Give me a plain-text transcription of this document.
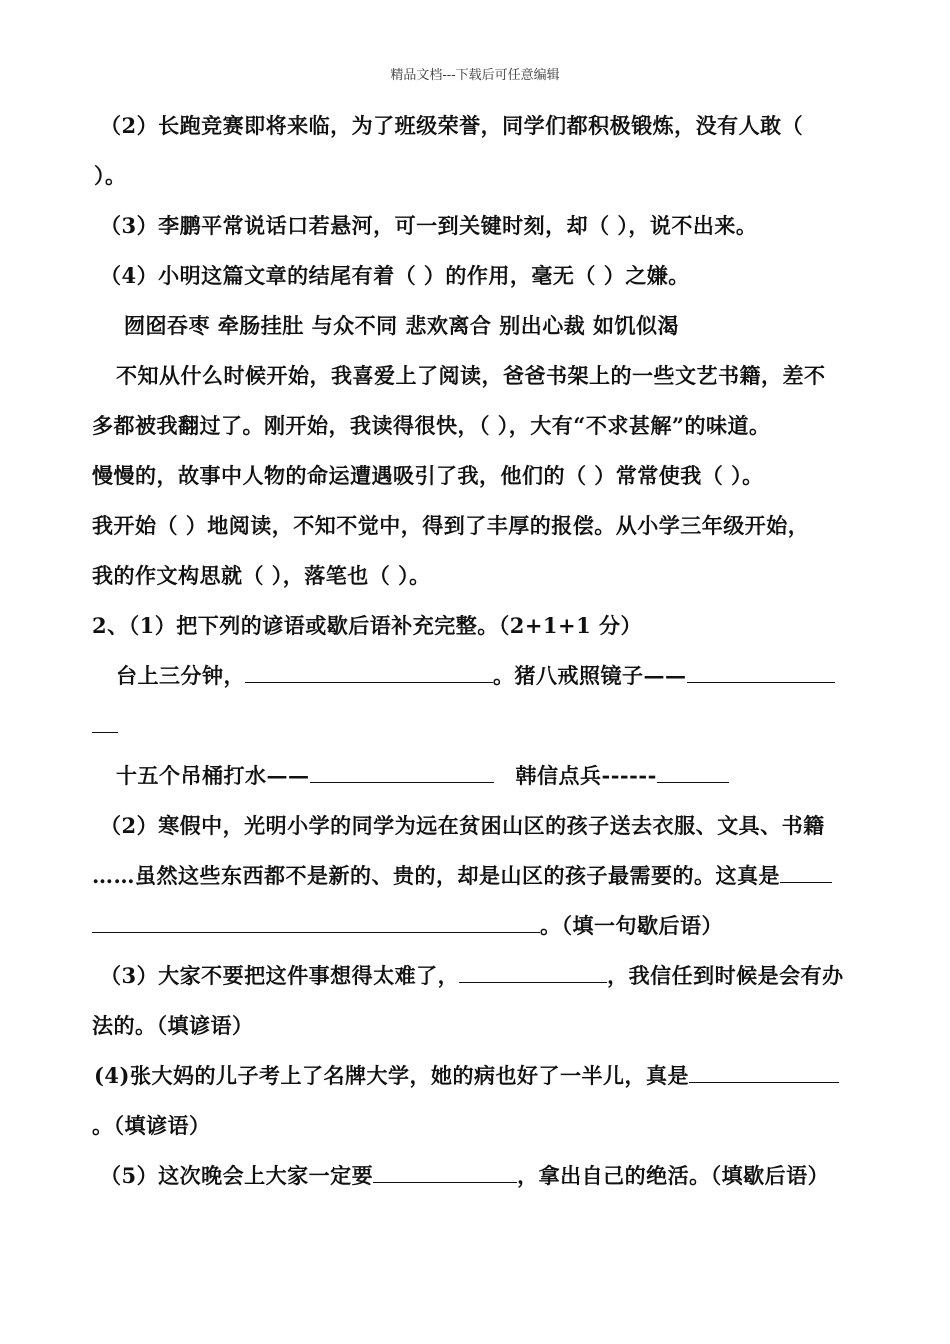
精品文档---下载后可任意编辑
（2）长跑竞赛即将来临，为了班级荣誉，同学们都积极锻炼，没有人敢（
）。
（3）李鹏平常说话口若悬河，可一到关键时刻，却（ ），说不出来。
（4）小明这篇文章的结尾有着（ ）的作用，毫无（ ）之嫌。
囫囵吞枣 牵肠挂肚 与众不同 悲欢离合 别出心裁 如饥似渴
不知从什么时候开始，我喜爱上了阅读，爸爸书架上的一些文艺书籍，差不
多都被我翻过了。刚开始，我读得很快，（ ），大有“不求甚解”的味道。
慢慢的，故事中人物的命运遭遇吸引了我，他们的（ ）常常使我（ ）。
我开始（ ）地阅读，不知不觉中，得到了丰厚的报偿。从小学三年级开始，
我的作文构思就（ ），落笔也（ ）。
2、（1）把下列的谚语或歇后语补充完整。（2+1+1 分）
台上三分钟，	。猪八戒照镜子——
十五个吊桶打水——	韩信点兵------
（2）寒假中，光明小学的同学为远在贫困山区的孩子送去衣服、文具、书籍
……虽然这些东西都不是新的、贵的，却是山区的孩子最需要的。这真是
。（填一句歇后语）
（3）大家不要把这件事想得太难了，	，我信任到时候是会有办
法的。（填谚语）
(4)张大妈的儿子考上了名牌大学，她的病也好了一半儿，真是
。（填谚语）
（5）这次晚会上大家一定要	，拿出自己的绝活。（填歇后语）
